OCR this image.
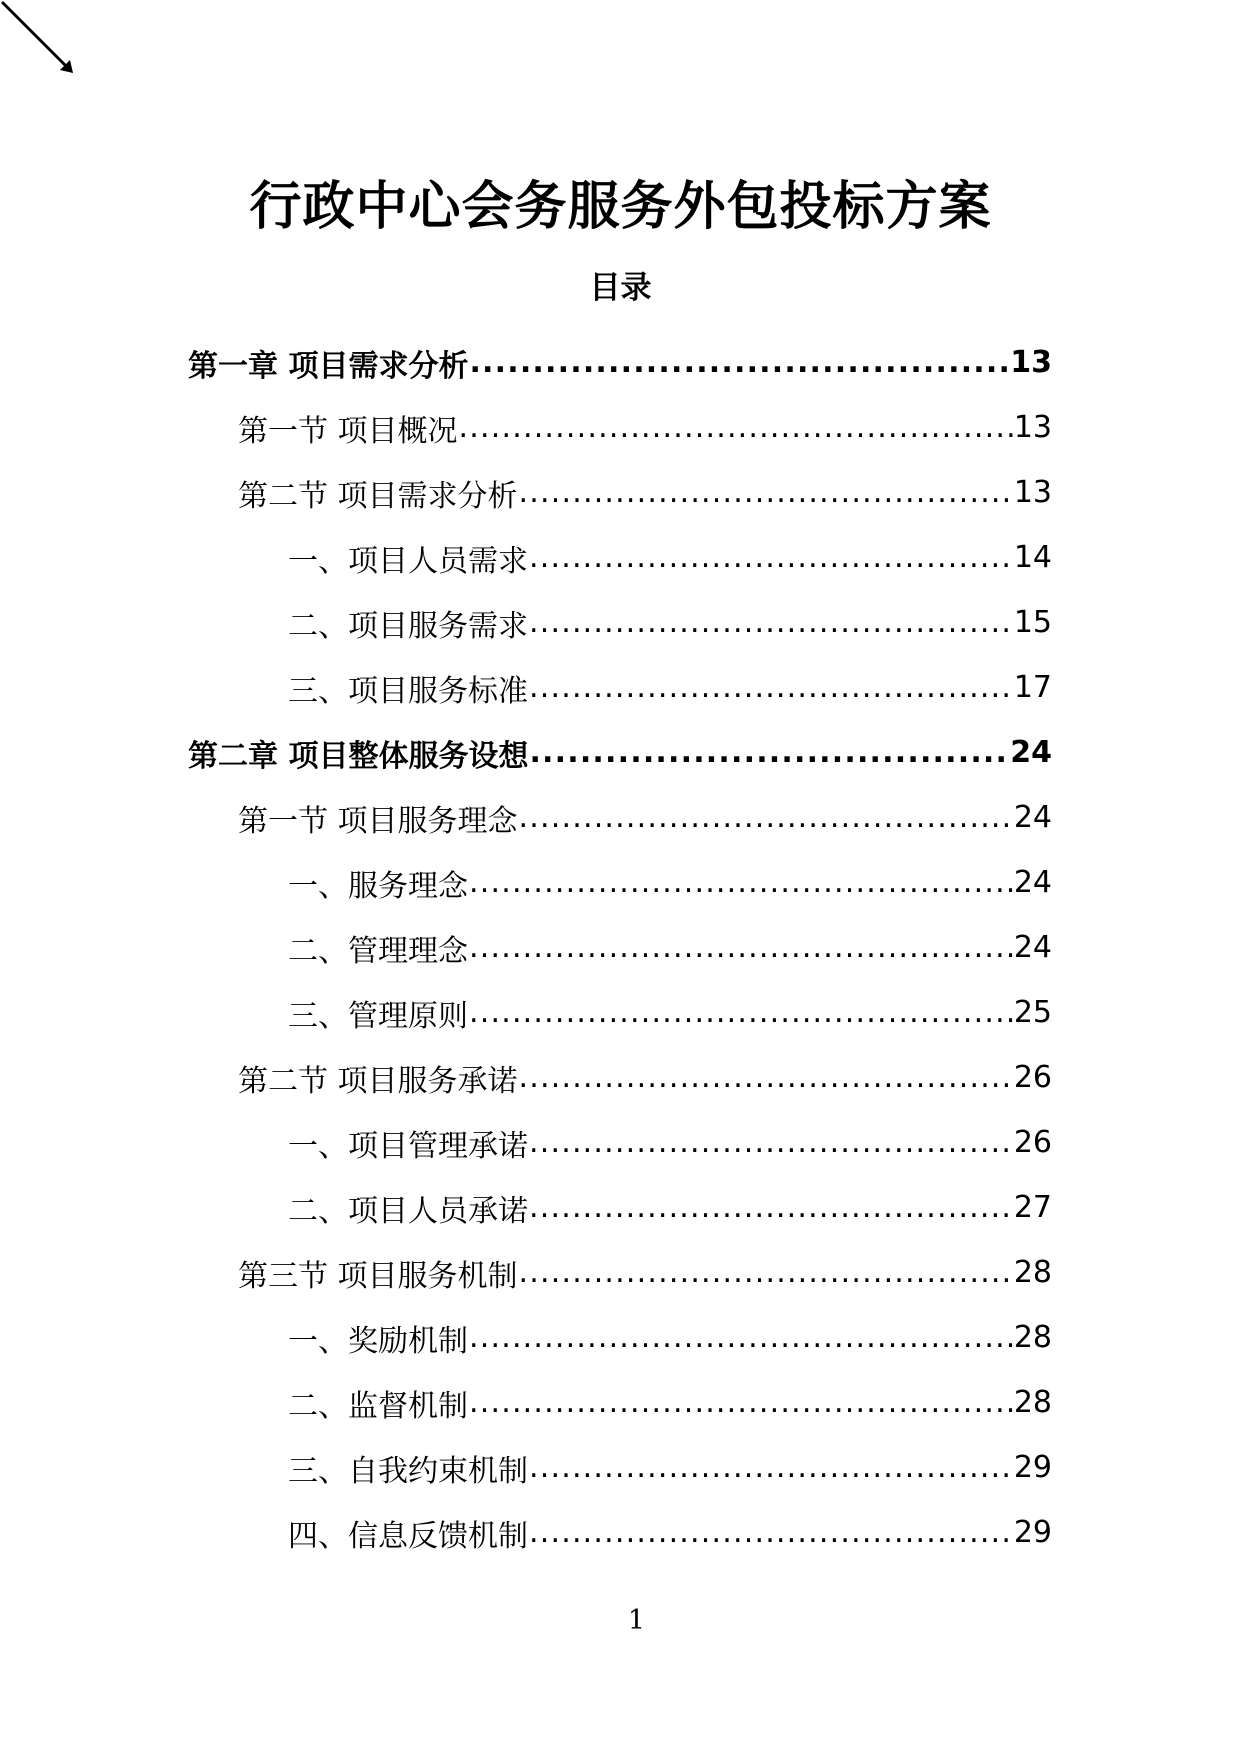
行政中心会务服务外包投标方案
目录
第一章 项目需求分析 .....	13
第一节 项目概况 .....	13
第二节 项目需求分析 .....	13
一、项目人员需求 .....	14
二、项目服务需求 .....	15
三、项目服务标准 .....	17
第二章 项目整体服务设想 .....	24
第一节 项目服务理念 .....	24
一、服务理念 .....	24
二、管理理念 .....	24
三、管理原则 .....	25
第二节 项目服务承诺 .....	26
一、项目管理承诺 .....	26
二、项目人员承诺 .....	27
第三节 项目服务机制 .....	28
一、奖励机制 .....	28
二、监督机制 .....	28
三、自我约束机制 .....	29
四、信息反馈机制 .....	29
1
